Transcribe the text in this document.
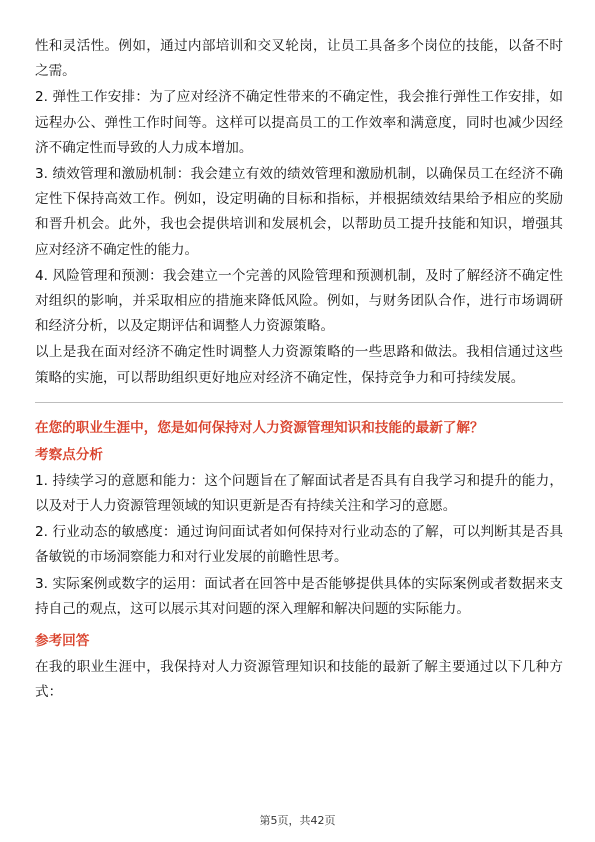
性和灵活性。例如，通过内部培训和交叉轮岗，让员工具备多个岗位的技能，以备不时之需。

2. 弹性工作安排：为了应对经济不确定性带来的不确定性，我会推行弹性工作安排，如远程办公、弹性工作时间等。这样可以提高员工的工作效率和满意度，同时也减少因经济不确定性而导致的人力成本增加。

3. 绩效管理和激励机制：我会建立有效的绩效管理和激励机制，以确保员工在经济不确定性下保持高效工作。例如，设定明确的目标和指标，并根据绩效结果给予相应的奖励和晋升机会。此外，我也会提供培训和发展机会，以帮助员工提升技能和知识，增强其应对经济不确定性的能力。

4. 风险管理和预测：我会建立一个完善的风险管理和预测机制，及时了解经济不确定性对组织的影响，并采取相应的措施来降低风险。例如，与财务团队合作，进行市场调研和经济分析，以及定期评估和调整人力资源策略。

以上是我在面对经济不确定性时调整人力资源策略的一些思路和做法。我相信通过这些策略的实施，可以帮助组织更好地应对经济不确定性，保持竞争力和可持续发展。

在您的职业生涯中，您是如何保持对人力资源管理知识和技能的最新了解？

考察点分析

1. 持续学习的意愿和能力：这个问题旨在了解面试者是否具有自我学习和提升的能力，以及对于人力资源管理领域的知识更新是否有持续关注和学习的意愿。

2. 行业动态的敏感度：通过询问面试者如何保持对行业动态的了解，可以判断其是否具备敏锐的市场洞察能力和对行业发展的前瞻性思考。

3. 实际案例或数字的运用：面试者在回答中是否能够提供具体的实际案例或者数据来支持自己的观点，这可以展示其对问题的深入理解和解决问题的实际能力。

参考回答

在我的职业生涯中，我保持对人力资源管理知识和技能的最新了解主要通过以下几种方式：

第5页，共42页
